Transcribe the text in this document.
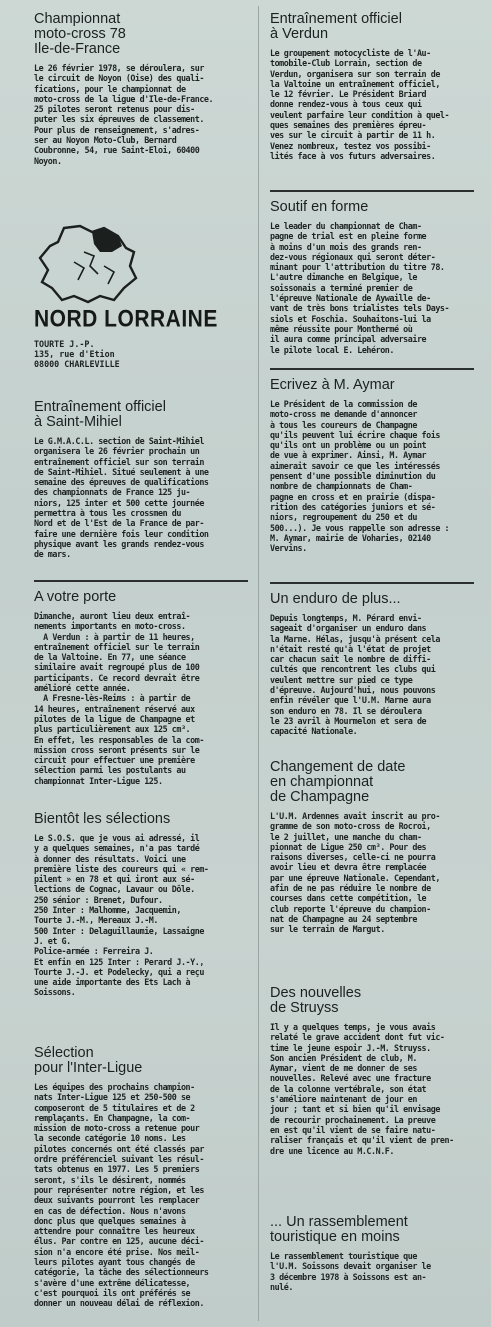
Championnat
moto-cross 78
Ile-de-France

Le 26 février 1978, se déroulera, sur
le circuit de Noyon (Oise) des quali-
fications, pour le championnat de
moto-cross de la ligue d'Ile-de-France.
25 pilotes seront retenus pour dis-
puter les six épreuves de classement.
Pour plus de renseignement, s'adres-
ser au Noyon Moto-Club, Bernard
Coubronne, 54, rue Saint-Eloi, 60400
Noyon.

NORD LORRAINE
TOURTE J.-P.
135, rue d'Etion
08000 CHARLEVILLE
Entraînement officiel
à Saint-Mihiel

Le G.M.A.C.L. section de Saint-Mihiel
organisera le 26 février prochain un
entraînement officiel sur son terrain
de Saint-Mihiel. Situé seulement à une
semaine des épreuves de qualifications
des championnats de France 125 ju-
niors, 125 inter et 500 cette journée
permettra à tous les crossmen du
Nord et de l'Est de la France de par-
faire une dernière fois leur condition
physique avant les grands rendez-vous
de mars.

A votre porte

Dimanche, auront lieu deux entraî-
nements importants en moto-cross.
A Verdun : à partir de 11 heures,
entraînement officiel sur le terrain
de la Valtoine. En 77, une séance
similaire avait regroupé plus de 100
participants. Ce record devrait être
amélioré cette année.
A Fresne-lès-Reims : à partir de
14 heures, entraînement réservé aux
pilotes de la ligue de Champagne et
plus particulièrement aux 125 cm³.
En effet, les responsables de la com-
mission cross seront présents sur le
circuit pour effectuer une première
sélection parmi les postulants au
championnat Inter-Ligue 125.

Bientôt les sélections

Le S.O.S. que je vous ai adressé, il
y a quelques semaines, n'a pas tardé
à donner des résultats. Voici une
première liste des coureurs qui « rem-
pilent » en 78 et qui iront aux sé-
lections de Cognac, Lavaur ou Dôle.
250 sénior : Brenet, Dufour.
250 Inter : Malhomme, Jacquemin,
Tourte J.-M., Mereaux J.-M.
500 Inter : Delaguillaumie, Lassaigne
J. et G.
Police-armée : Ferreira J.
Et enfin en 125 Inter : Perard J.-Y.,
Tourte J.-J. et Podelecky, qui a reçu
une aide importante des Ets Lach à
Soissons.

Sélection
pour l'Inter-Ligue

Les équipes des prochains champion-
nats Inter-Ligue 125 et 250-500 se
composeront de 5 titulaires et de 2
remplaçants. En Champagne, la com-
mission de moto-cross a retenue pour
la seconde catégorie 10 noms. Les
pilotes concernés ont été classés par
ordre préférenciel suivant les résul-
tats obtenus en 1977. Les 5 premiers
seront, s'ils le désirent, nommés
pour représenter notre région, et les
deux suivants pourront les remplacer
en cas de défection. Nous n'avons
donc plus que quelques semaines à
attendre pour connaître les heureux
élus. Par contre en 125, aucune déci-
sion n'a encore été prise. Nos meil-
leurs pilotes ayant tous changés de
catégorie, la tâche des sélectionneurs
s'avère d'une extrême délicatesse,
c'est pourquoi ils ont préférés se
donner un nouveau délai de réflexion.

Entraînement officiel
à Verdun

Le groupement motocycliste de l'Au-
tomobile-Club Lorrain, section de
Verdun, organisera sur son terrain de
la Valtoine un entraînement officiel,
le 12 février. Le Président Briard
donne rendez-vous à tous ceux qui
veulent parfaire leur condition à quel-
ques semaines des premières épreu-
ves sur le circuit à partir de 11 h.
Venez nombreux, testez vos possibi-
lités face à vos futurs adversaires.

Soutif en forme

Le leader du championnat de Cham-
pagne de trial est en pleine forme
à moins d'un mois des grands ren-
dez-vous régionaux qui seront déter-
minant pour l'attribution du titre 78.
L'autre dimanche en Belgique, le
soissonais a terminé premier de
l'épreuve Nationale de Aywaille de-
vant de très bons trialistes tels Days-
siols et Foschia. Souhaitons-lui la
même réussite pour Monthermé où
il aura comme principal adversaire
le pilote local E. Lehéron.

Ecrivez à M. Aymar

Le Président de la commission de
moto-cross me demande d'annoncer
à tous les coureurs de Champagne
qu'ils peuvent lui écrire chaque fois
qu'ils ont un problème ou un point
de vue à exprimer. Ainsi, M. Aymar
aimerait savoir ce que les intéressés
pensent d'une possible diminution du
nombre de championnats de Cham-
pagne en cross et en prairie (dispa-
rition des catégories juniors et sé-
niors, regroupement du 250 et du
500...). Je vous rappelle son adresse :
M. Aymar, mairie de Voharies, 02140
Vervins.

Un enduro de plus...

Depuis longtemps, M. Pérard envi-
sageait d'organiser un enduro dans
la Marne. Hélas, jusqu'à présent cela
n'était resté qu'à l'état de projet
car chacun sait le nombre de diffi-
cultés que rencontrent les clubs qui
veulent mettre sur pied ce type
d'épreuve. Aujourd'hui, nous pouvons
enfin révéler que l'U.M. Marne aura
son enduro en 78. Il se déroulera
le 23 avril à Mourmelon et sera de
capacité Nationale.

Changement de date
en championnat
de Champagne

L'U.M. Ardennes avait inscrit au pro-
gramme de son moto-cross de Rocroi,
le 2 juillet, une manche du cham-
pionnat de Ligue 250 cm³. Pour des
raisons diverses, celle-ci ne pourra
avoir lieu et devra être remplacée
par une épreuve Nationale. Cependant,
afin de ne pas réduire le nombre de
courses dans cette compétition, le
club reporte l'épreuve du champion-
nat de Champagne au 24 septembre
sur le terrain de Margut.

Des nouvelles
de Struyss

Il y a quelques temps, je vous avais
relaté le grave accident dont fut vic-
time le jeune espoir J.-M. Struyss.
Son ancien Président de club, M.
Aymar, vient de me donner de ses
nouvelles. Relevé avec une fracture
de la colonne vertébrale, son état
s'améliore maintenant de jour en
jour ; tant et si bien qu'il envisage
de recourir prochainement. La preuve
en est qu'il vient de se faire natu-
raliser français et qu'il vient de pren-
dre une licence au M.C.N.F.

... Un rassemblement
touristique en moins

Le rassemblement touristique que
l'U.M. Soissons devait organiser le
3 décembre 1978 à Soissons est an-
nulé.
